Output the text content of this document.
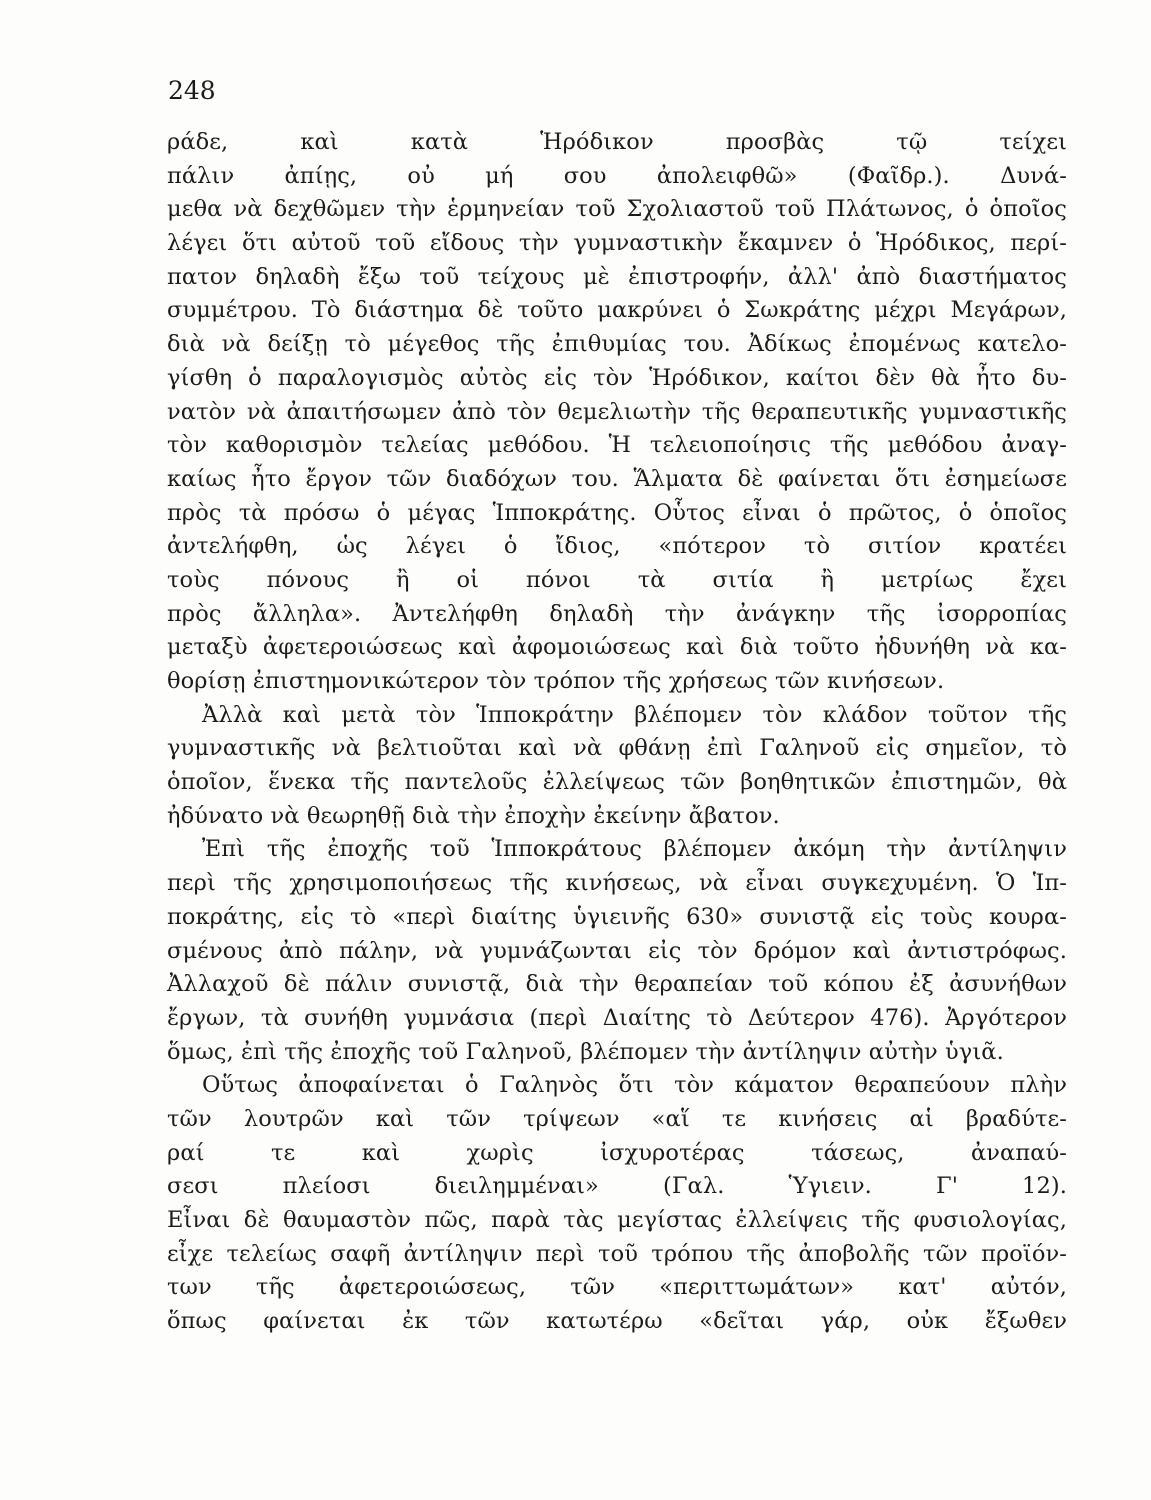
248
ράδε, καὶ κατὰ Ἡρόδικον προσβὰς τῷ τείχει
πάλιν ἀπίῃς, οὐ μή σου ἀπολειφθῶ» (Φαῖδρ.). Δυνά-
μεθα νὰ δεχθῶμεν τὴν ἑρμηνείαν τοῦ Σχολιαστοῦ τοῦ Πλάτωνος, ὁ ὁποῖος
λέγει ὅτι αὐτοῦ τοῦ εἴδους τὴν γυμναστικὴν ἔκαμνεν ὁ Ἡρόδικος, περί-
πατον δηλαδὴ ἔξω τοῦ τείχους μὲ ἐπιστροφήν, ἀλλ' ἀπὸ διαστήματος
συμμέτρου. Τὸ διάστημα δὲ τοῦτο μακρύνει ὁ Σωκράτης μέχρι Μεγάρων,
διὰ νὰ δείξῃ τὸ μέγεθος τῆς ἐπιθυμίας του. Ἀδίκως ἐπομένως κατελο-
γίσθη ὁ παραλογισμὸς αὐτὸς εἰς τὸν Ἡρόδικον, καίτοι δὲν θὰ ἦτο δυ-
νατὸν νὰ ἀπαιτήσωμεν ἀπὸ τὸν θεμελιωτὴν τῆς θεραπευτικῆς γυμναστικῆς
τὸν καθορισμὸν τελείας μεθόδου. Ἡ τελειοποίησις τῆς μεθόδου ἀναγ-
καίως ἦτο ἔργον τῶν διαδόχων του. Ἅλματα δὲ φαίνεται ὅτι ἐσημείωσε
πρὸς τὰ πρόσω ὁ μέγας Ἱπποκράτης. Οὗτος εἶναι ὁ πρῶτος, ὁ ὁποῖος
ἀντελήφθη, ὡς λέγει ὁ ἴδιος, «πότερον τὸ σιτίον κρατέει
τοὺς πόνους ἢ οἱ πόνοι τὰ σιτία ἢ μετρίως ἔχει
πρὸς ἄλληλα». Ἀντελήφθη δηλαδὴ τὴν ἀνάγκην τῆς ἰσορροπίας
μεταξὺ ἀφετεροιώσεως καὶ ἀφομοιώσεως καὶ διὰ τοῦτο ἠδυνήθη νὰ κα-
θορίσῃ ἐπιστημονικώτερον τὸν τρόπον τῆς χρήσεως τῶν κινήσεων.
Ἀλλὰ καὶ μετὰ τὸν Ἱπποκράτην βλέπομεν τὸν κλάδον τοῦτον τῆς
γυμναστικῆς νὰ βελτιοῦται καὶ νὰ φθάνῃ ἐπὶ Γαληνοῦ εἰς σημεῖον, τὸ
ὁποῖον, ἕνεκα τῆς παντελοῦς ἐλλείψεως τῶν βοηθητικῶν ἐπιστημῶν, θὰ
ἠδύνατο νὰ θεωρηθῇ διὰ τὴν ἐποχὴν ἐκείνην ἄβατον.
Ἐπὶ τῆς ἐποχῆς τοῦ Ἱπποκράτους βλέπομεν ἀκόμη τὴν ἀντίληψιν
περὶ τῆς χρησιμοποιήσεως τῆς κινήσεως, νὰ εἶναι συγκεχυμένη. Ὁ Ἱπ-
ποκράτης, εἰς τὸ «περὶ διαίτης ὑγιεινῆς 630» συνιστᾷ εἰς τοὺς κουρα-
σμένους ἀπὸ πάλην, νὰ γυμνάζωνται εἰς τὸν δρόμον καὶ ἀντιστρόφως.
Ἀλλαχοῦ δὲ πάλιν συνιστᾷ, διὰ τὴν θεραπείαν τοῦ κόπου ἐξ ἀσυνήθων
ἔργων, τὰ συνήθη γυμνάσια (περὶ Διαίτης τὸ Δεύτερον 476). Ἀργότερον
ὅμως, ἐπὶ τῆς ἐποχῆς τοῦ Γαληνοῦ, βλέπομεν τὴν ἀντίληψιν αὐτὴν ὑγιᾶ.
Οὕτως ἀποφαίνεται ὁ Γαληνὸς ὅτι τὸν κάματον θεραπεύουν πλὴν
τῶν λουτρῶν καὶ τῶν τρίψεων «αἵ τε κινήσεις αἱ βραδύτε-
ραί τε καὶ χωρὶς ἰσχυροτέρας τάσεως, ἀναπαύ-
σεσι πλείοσι διειλημμέναι» (Γαλ. Ὑγιειν. Γ' 12).
Εἶναι δὲ θαυμαστὸν πῶς, παρὰ τὰς μεγίστας ἐλλείψεις τῆς φυσιολογίας,
εἶχε τελείως σαφῆ ἀντίληψιν περὶ τοῦ τρόπου τῆς ἀποβολῆς τῶν προϊόν-
των τῆς ἀφετεροιώσεως, τῶν «περιττωμάτων» κατ' αὐτόν,
ὅπως φαίνεται ἐκ τῶν κατωτέρω «δεῖται γάρ, οὐκ ἔξωθεν
